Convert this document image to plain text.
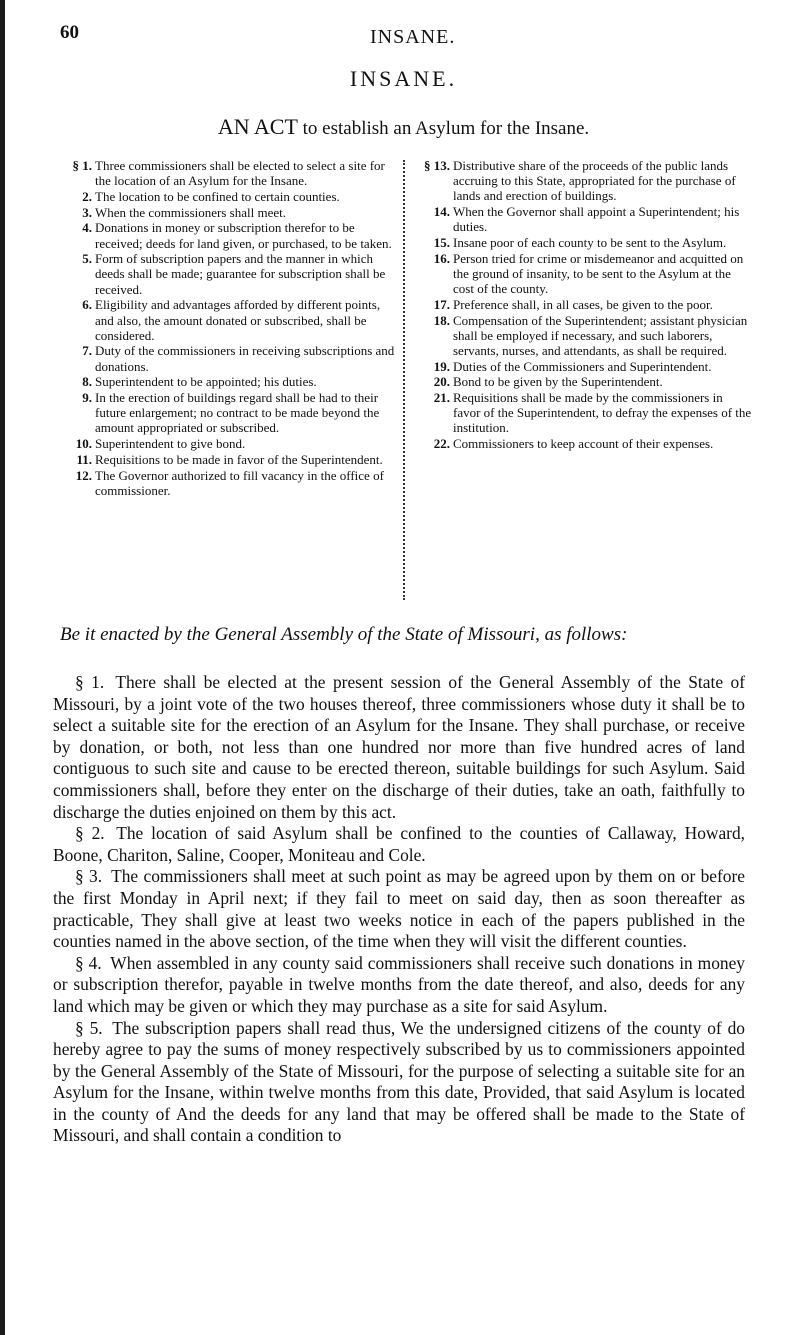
60	INSANE.
INSANE.
AN ACT to establish an Asylum for the Insane.
§ 1. Three commissioners shall be elected to select a site for the location of an Asylum for the Insane.
2. The location to be confined to certain counties.
3. When the commissioners shall meet.
4. Donations in money or subscription therefor to be received; deeds for land given, or purchased, to be taken.
5. Form of subscription papers and the manner in which deeds shall be made; guarantee for subscription shall be received.
6. Eligibility and advantages afforded by different points, and also, the amount donated or subscribed, shall be considered.
7. Duty of the commissioners in receiving subscriptions and donations.
8. Superintendent to be appointed; his duties.
9. In the erection of buildings regard shall be had to their future enlargement; no contract to be made beyond the amount appropriated or subscribed.
10. Superintendent to give bond.
11. Requisitions to be made in favor of the Superintendent.
12. The Governor authorized to fill vacancy in the office of commissioner.
§ 13. Distributive share of the proceeds of the public lands accruing to this State, appropriated for the purchase of lands and erection of buildings.
14. When the Governor shall appoint a Superintendent; his duties.
15. Insane poor of each county to be sent to the Asylum.
16. Person tried for crime or misdemeanor and acquitted on the ground of insanity, to be sent to the Asylum at the cost of the county.
17. Preference shall, in all cases, be given to the poor.
18. Compensation of the Superintendent; assistant physician shall be employed if necessary, and such laborers, servants, nurses, and attendants, as shall be required.
19. Duties of the Commissioners and Superintendent.
20. Bond to be given by the Superintendent.
21. Requisitions shall be made by the commissioners in favor of the Superintendent, to defray the expenses of the institution.
22. Commissioners to keep account of their expenses.
Be it enacted by the General Assembly of the State of Missouri, as follows:

§ 1. There shall be elected at the present session of the General Assembly of the State of Missouri, by a joint vote of the two houses thereof, three commissioners whose duty it shall be to select a suitable site for the erection of an Asylum for the Insane. They shall purchase, or receive by donation, or both, not less than one hundred nor more than five hundred acres of land contiguous to such site and cause to be erected thereon, suitable buildings for such Asylum. Said commissioners shall, before they enter on the discharge of their duties, take an oath, faithfully to discharge the duties enjoined on them by this act.

§ 2. The location of said Asylum shall be confined to the counties of Callaway, Howard, Boone, Chariton, Saline, Cooper, Moniteau and Cole.

§ 3. The commissioners shall meet at such point as may be agreed upon by them on or before the first Monday in April next; if they fail to meet on said day, then as soon thereafter as practicable, They shall give at least two weeks notice in each of the papers published in the counties named in the above section, of the time when they will visit the different counties.

§ 4. When assembled in any county said commissioners shall receive such donations in money or subscription therefor, payable in twelve months from the date thereof, and also, deeds for any land which may be given or which they may purchase as a site for said Asylum.

§ 5. The subscription papers shall read thus, We the undersigned citizens of the county of do hereby agree to pay the sums of money respectively subscribed by us to commissioners appointed by the General Assembly of the State of Missouri, for the purpose of selecting a suitable site for an Asylum for the Insane, within twelve months from this date, Provided, that said Asylum is located in the county of And the deeds for any land that may be offered shall be made to the State of Missouri, and shall contain a condition to
